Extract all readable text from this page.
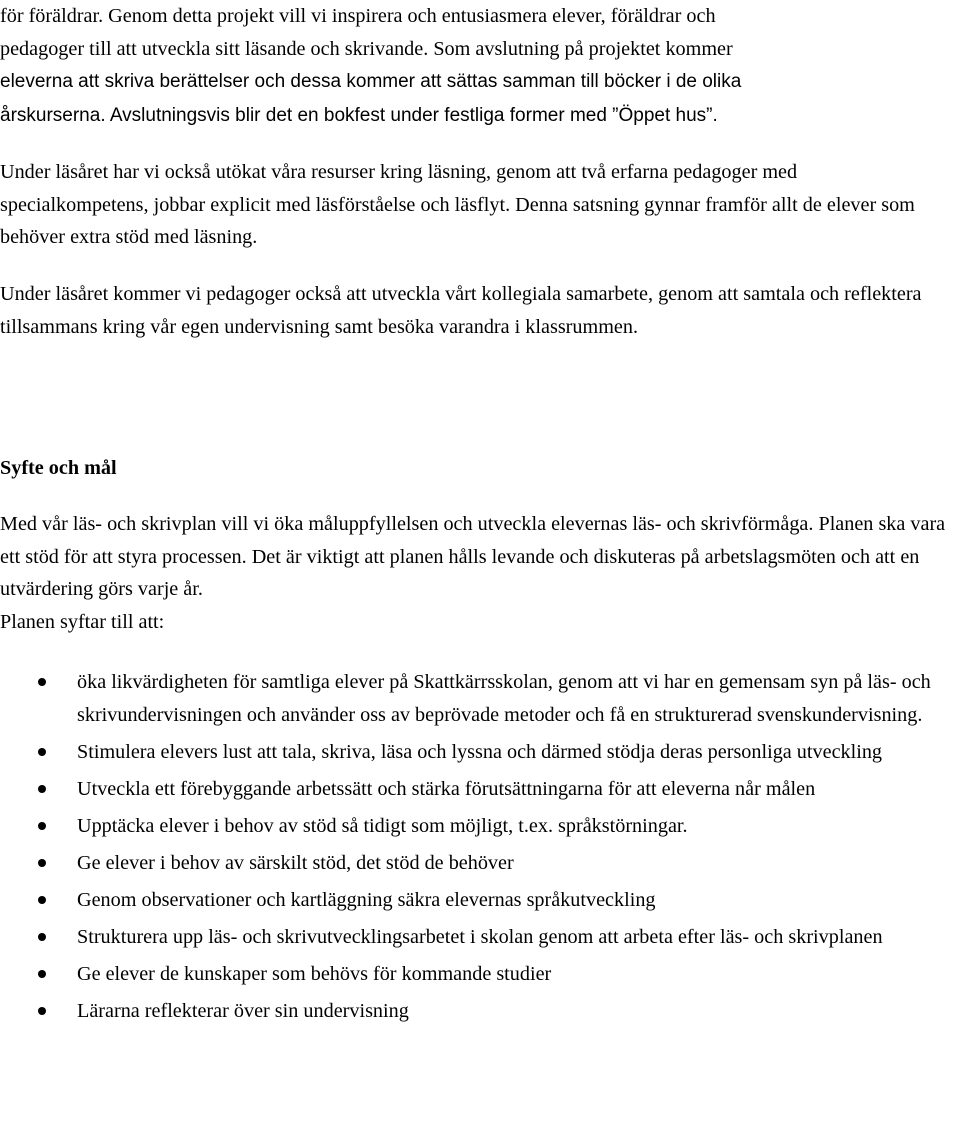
för föräldrar. Genom detta projekt vill vi inspirera och entusiasmera elever, föräldrar och
pedagoger till att utveckla sitt läsande och skrivande. Som avslutning på projektet kommer
eleverna att skriva berättelser och dessa kommer att sättas samman till böcker i de olika
årskurserna. Avslutningsvis blir det en bokfest under festliga former med ”Öppet hus”.

Under läsåret har vi också utökat våra resurser kring läsning, genom att två erfarna pedagoger med specialkompetens, jobbar explicit med läsförståelse och läsflyt. Denna satsning gynnar framför allt de elever som behöver extra stöd med läsning.

Under läsåret kommer vi pedagoger också att utveckla vårt kollegiala samarbete, genom att samtala och reflektera tillsammans kring vår egen undervisning samt besöka varandra i klassrummen.

Syfte och mål

Med vår läs- och skrivplan vill vi öka måluppfyllelsen och utveckla elevernas läs- och skrivförmåga. Planen ska vara ett stöd för att styra processen. Det är viktigt att planen hålls levande och diskuteras på arbetslagsmöten och att en utvärdering görs varje år.

Planen syftar till att:

öka likvärdigheten för samtliga elever på Skattkärrsskolan, genom att vi har en gemensam syn på läs- och skrivundervisningen och använder oss av beprövade metoder och få en strukturerad svenskundervisning.
Stimulera elevers lust att tala, skriva, läsa och lyssna och därmed stödja deras personliga utveckling
Utveckla ett förebyggande arbetssätt och stärka förutsättningarna för att eleverna når målen
Upptäcka elever i behov av stöd så tidigt som möjligt, t.ex. språkstörningar.
Ge elever i behov av särskilt stöd, det stöd de behöver
Genom observationer och kartläggning säkra elevernas språkutveckling
Strukturera upp läs- och skrivutvecklingsarbetet i skolan genom att arbeta efter läs- och skrivplanen
Ge elever de kunskaper som behövs för kommande studier
Lärarna reflekterar över sin undervisning
